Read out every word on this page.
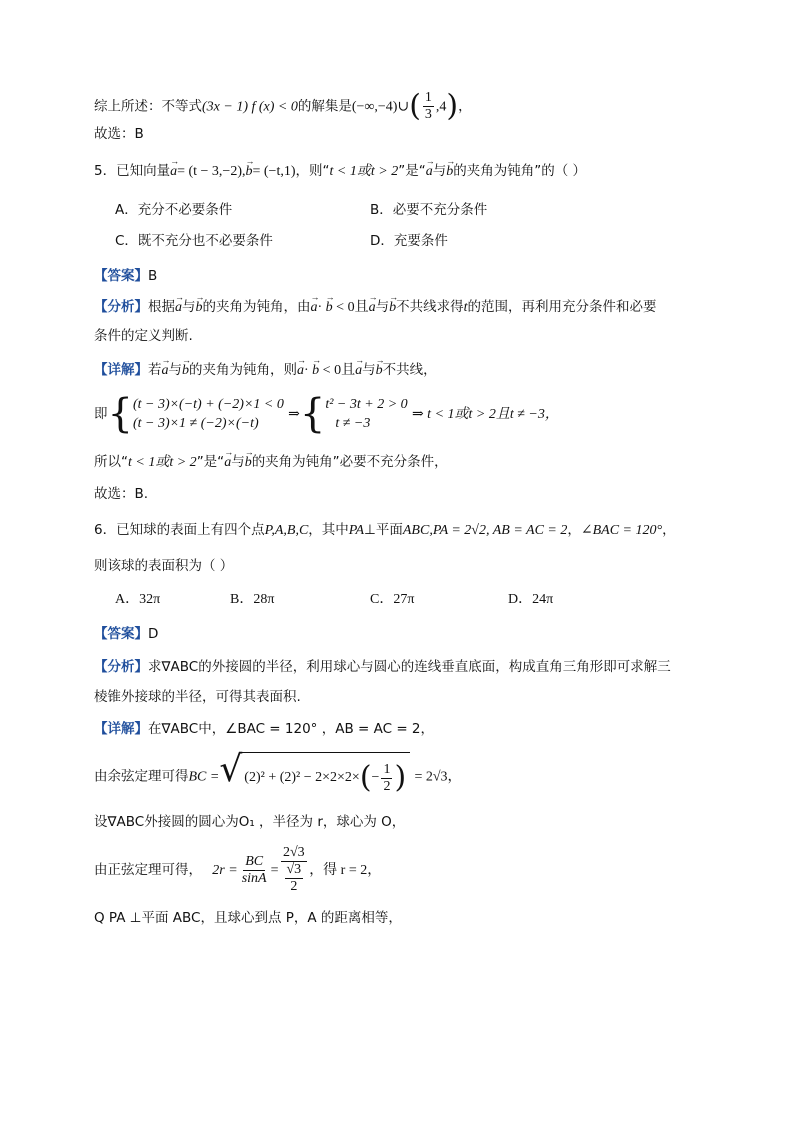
综上所述：不等式(3x − 1) f (x) < 0的解集是(−∞,−4)∪( $\frac{1}{3} ,4$)，
故选：B
5．已知向量→ a= (t − 3,−2),→ b= (−t,1)，则“t < 1或t > 2”是“→ a与→ b的夹角为钝角”的（ ）
A．充分不必要条件	B．必要不充分条件
C．既不充分也不必要条件	D．充要条件
【答案】B
【分析】根据→ a与→ b的夹角为钝角，由→ a· → b < 0且→ a与→ b不共线求得t的范围，再利用充分条件和必要
条件的定义判断.
【详解】若→ a与→ b的夹角为钝角，则→ a· → b < 0且→ a与→ b不共线，
即{ (t − 3)×(−t) + (−2)×1 < 0
(t − 3)×1 ≠ (−2)×(−t)
⇒{ t² − 3t + 2 > 0
t ≠ −3
⇒ t < 1或t > 2且t ≠ −3，
所以“t < 1或t > 2”是“→ a与→ b的夹角为钝角”必要不充分条件，
故选：B.
6．已知球的表面上有四个点P,A,B,C，其中PA⊥平面ABC,PA = 2√2, AB = AC = 2，∠BAC = 120°，
则该球的表面积为（ ）
A．32π	B．28π	C．27π	D．24π
【答案】D
【分析】求∇ABC的外接圆的半径，利用球心与圆心的连线垂直底面，构成直角三角形即可求解三
棱锥外接球的半径，可得其表面积.
【详解】在∇ABC中，∠BAC = 120° ，AB = AC = 2，
由余弦定理可得BC = √ (2)² + (2)² − 2×2×2× ( − $\frac{1}{2}$ ) = 2√3，
设∇ABC外接圆的圆心为O₁ ，半径为 r，球心为 O，
由正弦定理可得， $2r = \frac{BC}{\sin A} = \frac{2√3}{\frac{√3}{2}}$ ，得 r = 2，
Q PA ⊥平面 ABC，且球心到点 P，A 的距离相等，
